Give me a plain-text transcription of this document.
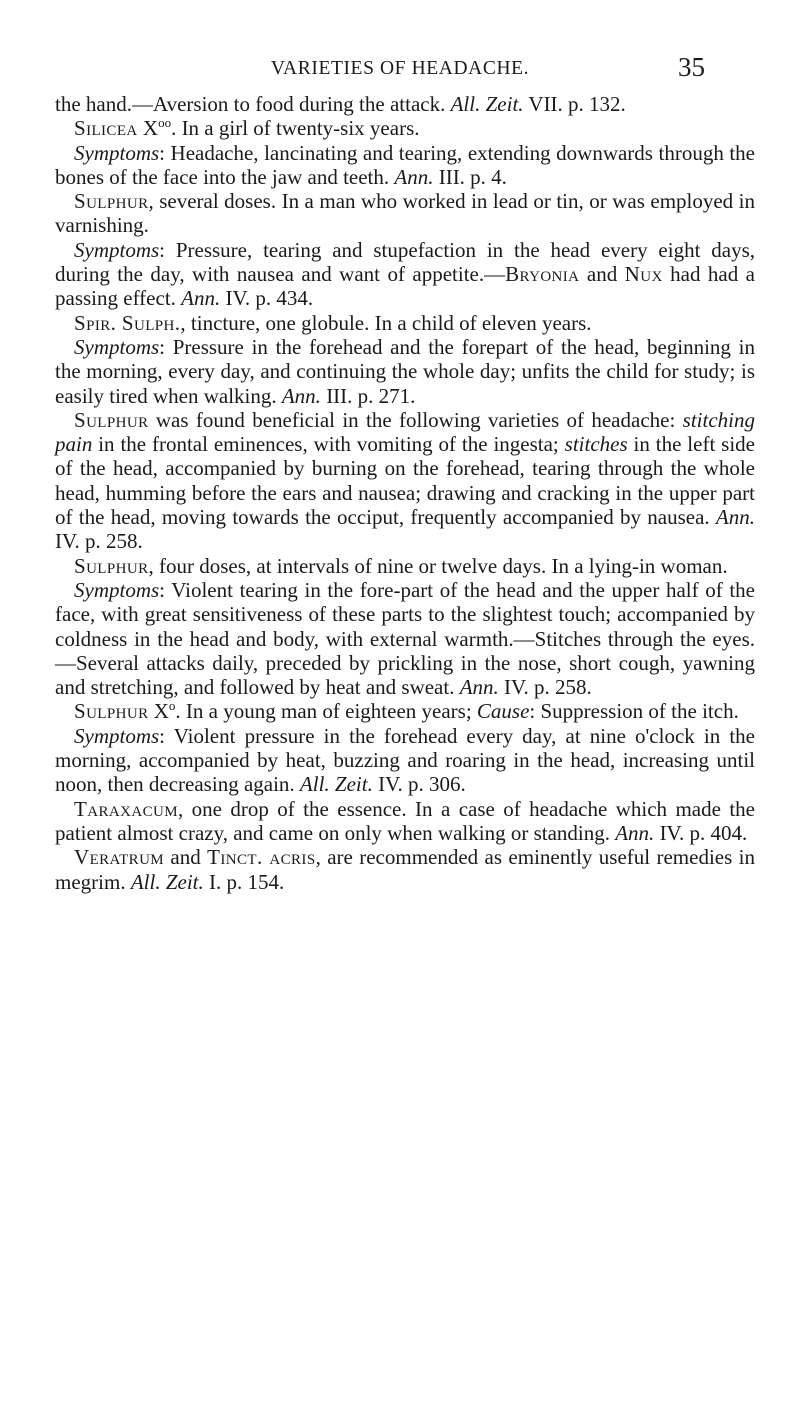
VARIETIES OF HEADACHE.	35

the hand.—Aversion to food during the attack. All. Zeit. VII. p. 132.

Silicea $X^{oo}$. In a girl of twenty-six years.

Symptoms: Headache, lancinating and tearing, extending downwards through the bones of the face into the jaw and teeth. Ann. III. p. 4.

Sulphur, several doses. In a man who worked in lead or tin, or was employed in varnishing.

Symptoms: Pressure, tearing and stupefaction in the head every eight days, during the day, with nausea and want of appetite.—Bryonia and Nux had had a passing effect. Ann. IV. p. 434.

Spir. Sulph., tincture, one globule. In a child of eleven years.

Symptoms: Pressure in the forehead and the forepart of the head, beginning in the morning, every day, and continuing the whole day; unfits the child for study; is easily tired when walking. Ann. III. p. 271.

Sulphur was found beneficial in the following varieties of headache: stitching pain in the frontal eminences, with vomiting of the ingesta; stitches in the left side of the head, accompanied by burning on the forehead, tearing through the whole head, humming before the ears and nausea; drawing and cracking in the upper part of the head, moving towards the occiput, frequently accompanied by nausea. Ann. IV. p. 258.

Sulphur, four doses, at intervals of nine or twelve days. In a lying-in woman.

Symptoms: Violent tearing in the fore-part of the head and the upper half of the face, with great sensitiveness of these parts to the slightest touch; accompanied by coldness in the head and body, with external warmth.—Stitches through the eyes.—Several attacks daily, preceded by prickling in the nose, short cough, yawning and stretching, and followed by heat and sweat. Ann. IV. p. 258.

Sulphur $X^o$. In a young man of eighteen years; Cause: Suppression of the itch.

Symptoms: Violent pressure in the forehead every day, at nine o'clock in the morning, accompanied by heat, buzzing and roaring in the head, increasing until noon, then decreasing again. All. Zeit. IV. p. 306.

Taraxacum, one drop of the essence. In a case of headache which made the patient almost crazy, and came on only when walking or standing. Ann. IV. p. 404.

Veratrum and Tinct. acris, are recommended as eminently useful remedies in megrim. All. Zeit. I. p. 154.
